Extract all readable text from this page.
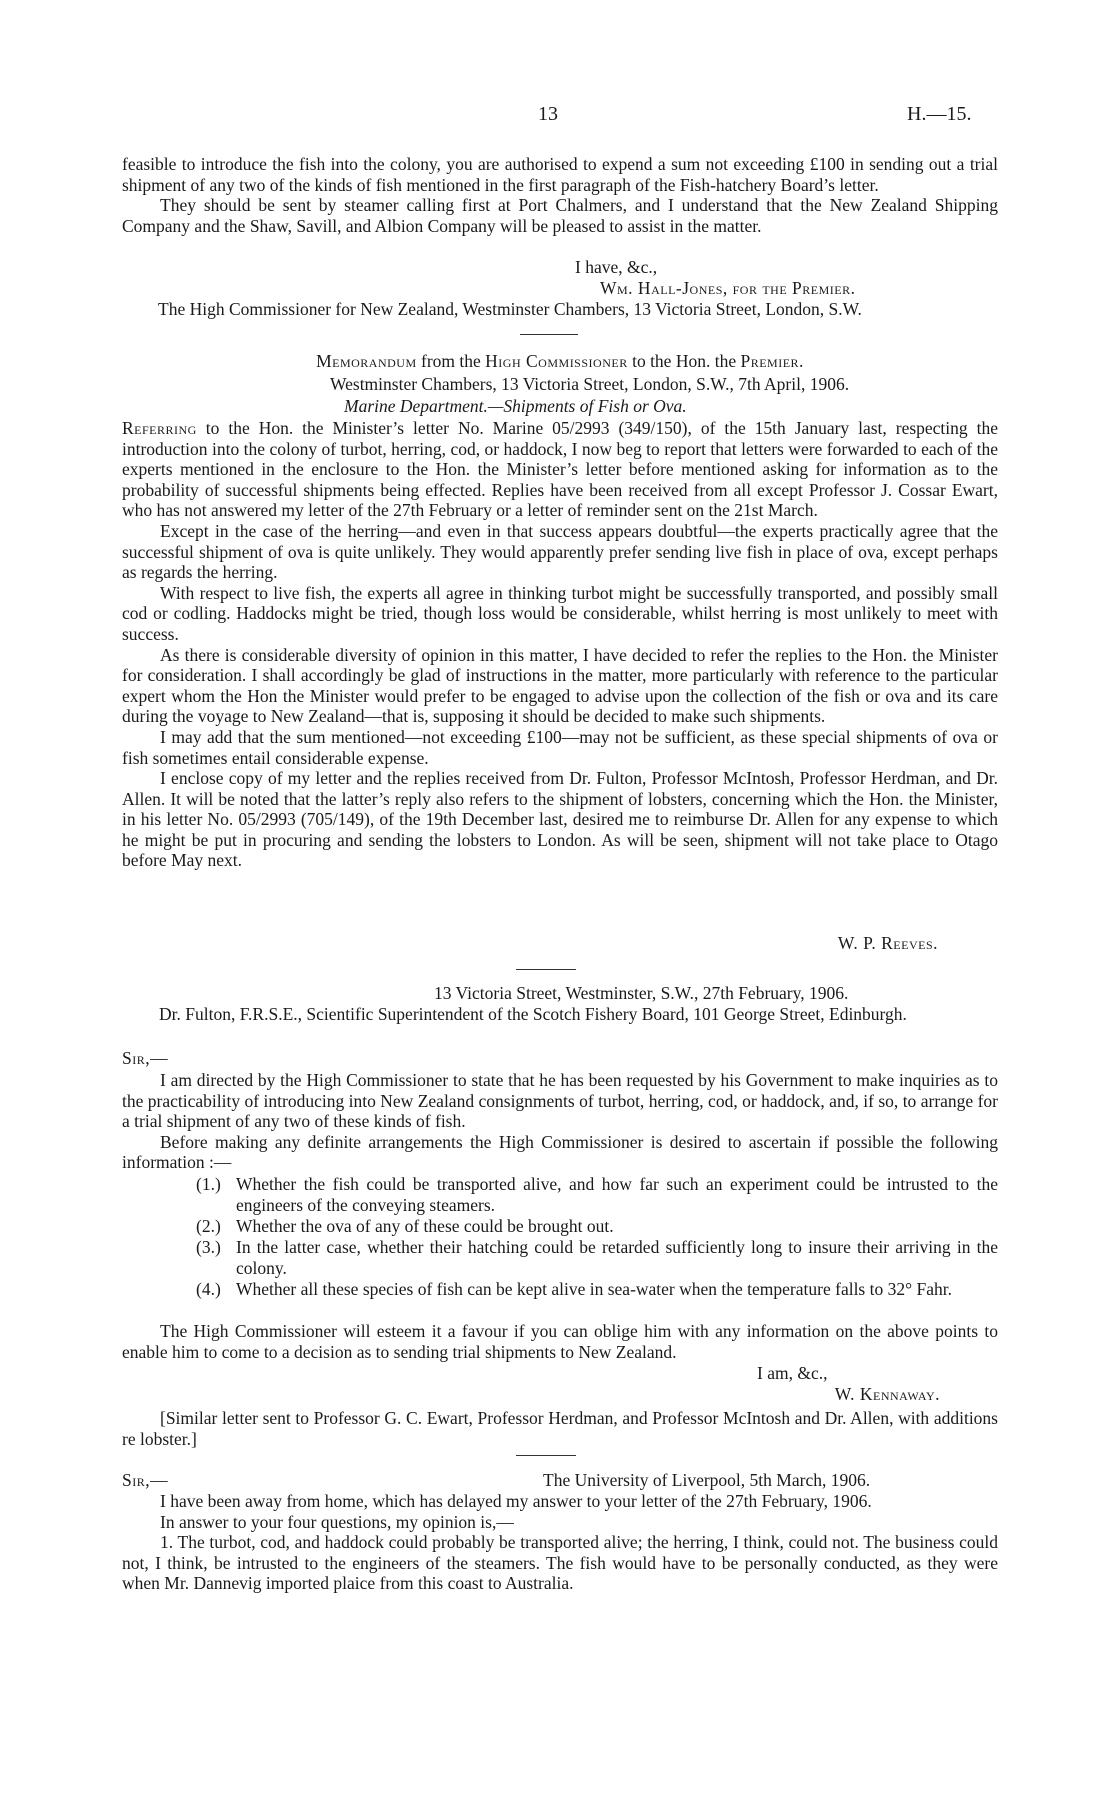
13	H.—15.

feasible to introduce the fish into the colony, you are authorised to expend a sum not exceeding £100 in sending out a trial shipment of any two of the kinds of fish mentioned in the first paragraph of the Fish-hatchery Board’s letter.

They should be sent by steamer calling first at Port Chalmers, and I understand that the New Zealand Shipping Company and the Shaw, Savill, and Albion Company will be pleased to assist in the matter.

I have, &c.,
Wm. Hall-Jones, for the Premier.
The High Commissioner for New Zealand, Westminster Chambers, 13 Victoria Street, London, S.W.
Memorandum from the High Commissioner to the Hon. the Premier.
Westminster Chambers, 13 Victoria Street, London, S.W., 7th April, 1906.
Marine Department.—Shipments of Fish or Ova.

Referring to the Hon. the Minister’s letter No. Marine 05/2993 (349/150), of the 15th January last, respecting the introduction into the colony of turbot, herring, cod, or haddock, I now beg to report that letters were forwarded to each of the experts mentioned in the enclosure to the Hon. the Minister’s letter before mentioned asking for information as to the probability of successful shipments being effected. Replies have been received from all except Professor J. Cossar Ewart, who has not answered my letter of the 27th February or a letter of reminder sent on the 21st March.

Except in the case of the herring—and even in that success appears doubtful—the experts practically agree that the successful shipment of ova is quite unlikely. They would apparently prefer sending live fish in place of ova, except perhaps as regards the herring.

With respect to live fish, the experts all agree in thinking turbot might be successfully transported, and possibly small cod or codling. Haddocks might be tried, though loss would be considerable, whilst herring is most unlikely to meet with success.

As there is considerable diversity of opinion in this matter, I have decided to refer the replies to the Hon. the Minister for consideration. I shall accordingly be glad of instructions in the matter, more particularly with reference to the particular expert whom the Hon the Minister would prefer to be engaged to advise upon the collection of the fish or ova and its care during the voyage to New Zealand—that is, supposing it should be decided to make such shipments.

I may add that the sum mentioned—not exceeding £100—may not be sufficient, as these special shipments of ova or fish sometimes entail considerable expense.

I enclose copy of my letter and the replies received from Dr. Fulton, Professor McIntosh, Professor Herdman, and Dr. Allen. It will be noted that the latter’s reply also refers to the shipment of lobsters, concerning which the Hon. the Minister, in his letter No. 05/2993 (705/149), of the 19th December last, desired me to reimburse Dr. Allen for any expense to which he might be put in procuring and sending the lobsters to London. As will be seen, shipment will not take place to Otago before May next.

W. P. Reeves.
13 Victoria Street, Westminster, S.W., 27th February, 1906.

Dr. Fulton, F.R.S.E., Scientific Superintendent of the Scotch Fishery Board, 101 George Street, Edinburgh.

Sir,—

I am directed by the High Commissioner to state that he has been requested by his Government to make inquiries as to the practicability of introducing into New Zealand consignments of turbot, herring, cod, or haddock, and, if so, to arrange for a trial shipment of any two of these kinds of fish.

Before making any definite arrangements the High Commissioner is desired to ascertain if possible the following information :—

(1.) Whether the fish could be transported alive, and how far such an experiment could be intrusted to the engineers of the conveying steamers.
(2.) Whether the ova of any of these could be brought out.
(3.) In the latter case, whether their hatching could be retarded sufficiently long to insure their arriving in the colony.
(4.) Whether all these species of fish can be kept alive in sea-water when the temperature falls to 32° Fahr.

The High Commissioner will esteem it a favour if you can oblige him with any information on the above points to enable him to come to a decision as to sending trial shipments to New Zealand.

I am, &c.,
W. Kennaway.

[Similar letter sent to Professor G. C. Ewart, Professor Herdman, and Professor McIntosh and Dr. Allen, with additions re lobster.]

Sir,—	The University of Liverpool, 5th March, 1906.

I have been away from home, which has delayed my answer to your letter of the 27th February, 1906.

In answer to your four questions, my opinion is,—

1. The turbot, cod, and haddock could probably be transported alive; the herring, I think, could not. The business could not, I think, be intrusted to the engineers of the steamers. The fish would have to be personally conducted, as they were when Mr. Dannevig imported plaice from this coast to Australia.
